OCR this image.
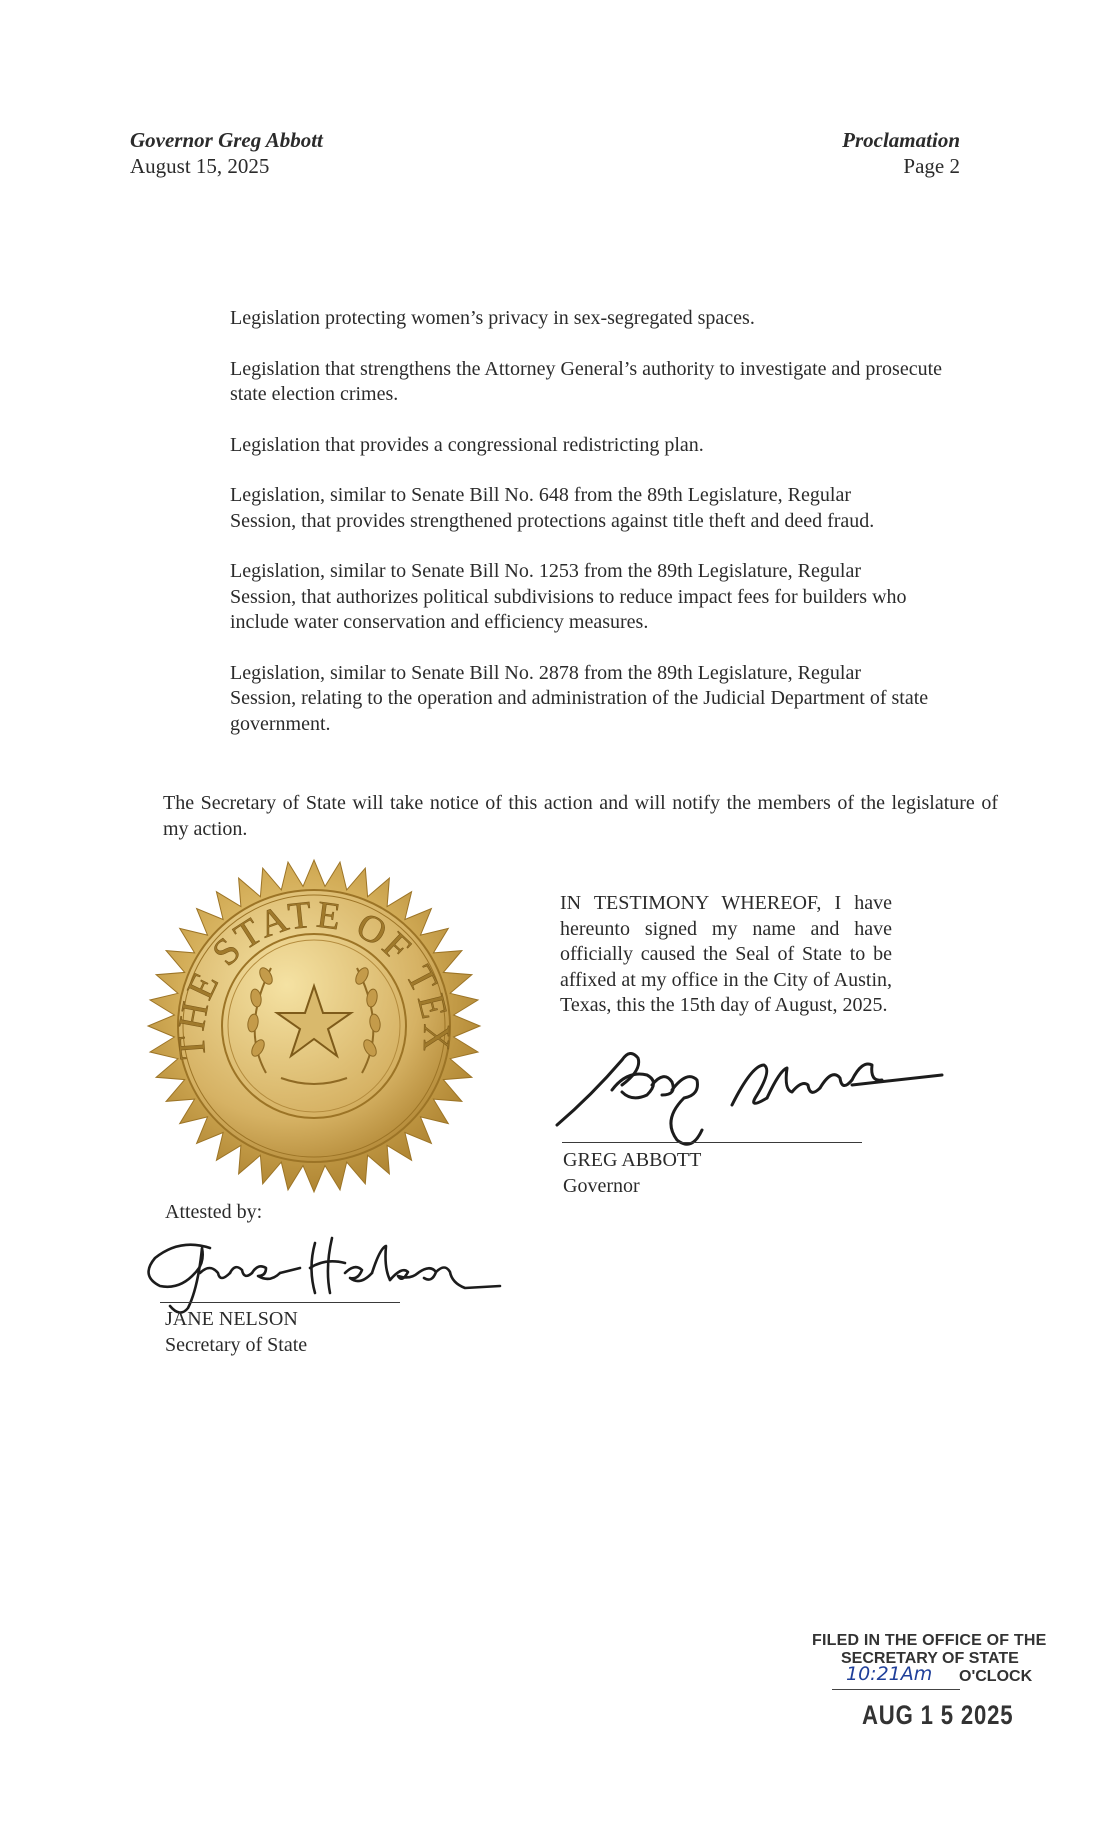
Governor Greg Abbott
August 15, 2025
Proclamation
Page 2

Legislation protecting women’s privacy in sex-segregated spaces.

Legislation that strengthens the Attorney General’s authority to investigate and prosecute state election crimes.

Legislation that provides a congressional redistricting plan.

Legislation, similar to Senate Bill No. 648 from the 89th Legislature, Regular Session, that provides strengthened protections against title theft and deed fraud.

Legislation, similar to Senate Bill No. 1253 from the 89th Legislature, Regular Session, that authorizes political subdivisions to reduce impact fees for builders who include water conservation and efficiency measures.

Legislation, similar to Senate Bill No. 2878 from the 89th Legislature, Regular Session, relating to the operation and administration of the Judicial Department of state government.

The Secretary of State will take notice of this action and will notify the members of the legislature of my action.
THE STATE OF TEX
IN TESTIMONY WHEREOF, I have hereunto signed my name and have officially caused the Seal of State to be affixed at my office in the City of Austin, Texas, this the 15th day of August, 2025.
GREG ABBOTT
Governor
Attested by:
JANE NELSON
Secretary of State
FILED IN THE OFFICE OF THE
SECRETARY OF STATE
10:21Am O'CLOCK
AUG 1 5 2025
